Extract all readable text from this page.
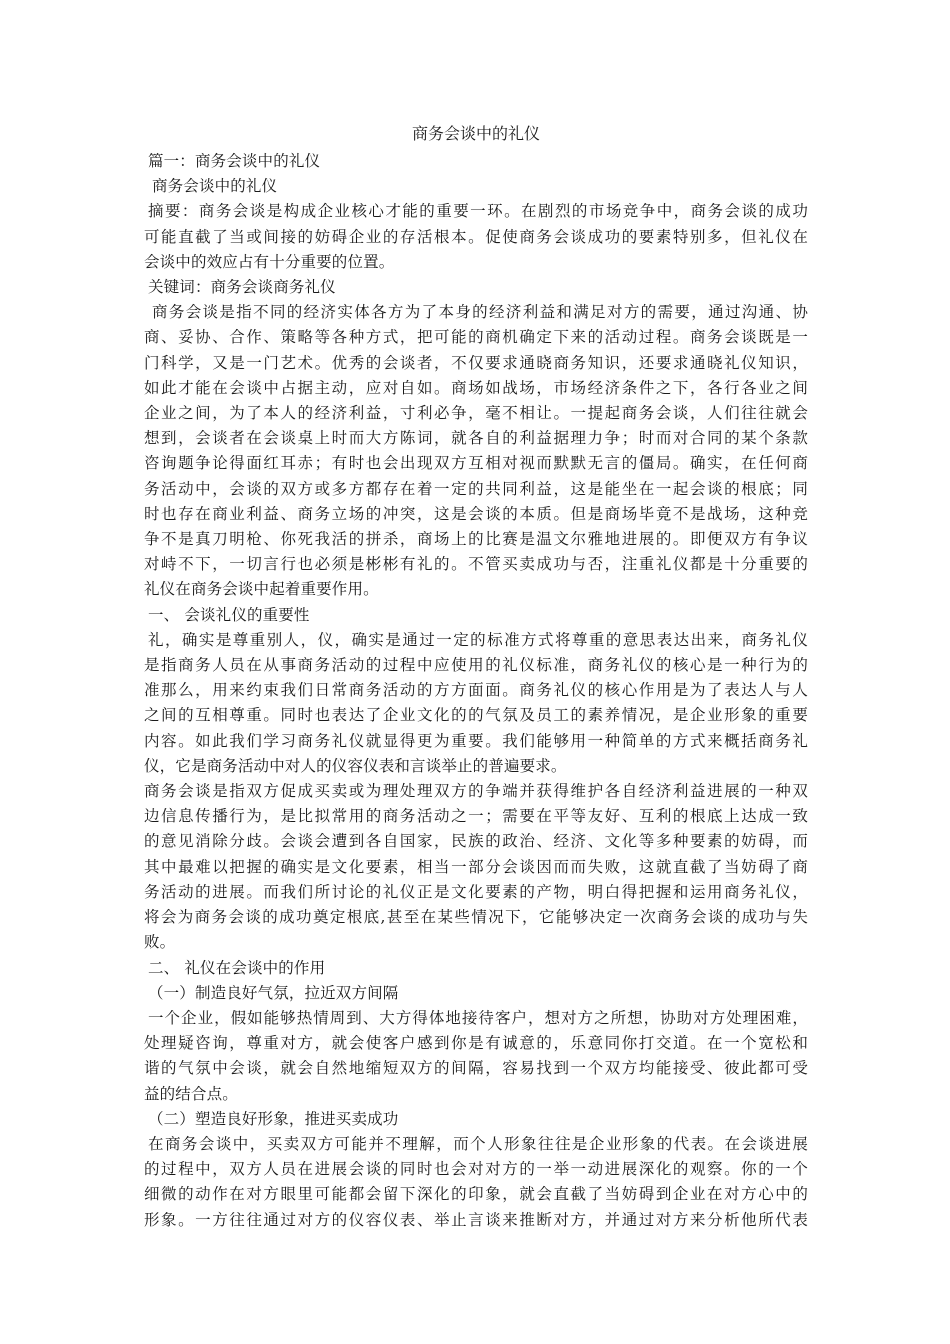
商务会谈中的礼仪
篇一：商务会谈中的礼仪
商务会谈中的礼仪
摘要：商务会谈是构成企业核心才能的重要一环。在剧烈的市场竞争中，商务会谈的成功
可能直截了当或间接的妨碍企业的存活根本。促使商务会谈成功的要素特别多，但礼仪在
会谈中的效应占有十分重要的位置。
关键词：商务会谈商务礼仪
商务会谈是指不同的经济实体各方为了本身的经济利益和满足对方的需要，通过沟通、协
商、妥协、合作、策略等各种方式，把可能的商机确定下来的活动过程。商务会谈既是一
门科学，又是一门艺术。优秀的会谈者，不仅要求通晓商务知识，还要求通晓礼仪知识，
如此才能在会谈中占据主动，应对自如。商场如战场，市场经济条件之下，各行各业之间
企业之间，为了本人的经济利益，寸利必争，毫不相让。一提起商务会谈，人们往往就会
想到，会谈者在会谈桌上时而大方陈词，就各自的利益据理力争；时而对合同的某个条款
咨询题争论得面红耳赤；有时也会出现双方互相对视而默默无言的僵局。确实，在任何商
务活动中，会谈的双方或多方都存在着一定的共同利益，这是能坐在一起会谈的根底；同
时也存在商业利益、商务立场的冲突，这是会谈的本质。但是商场毕竟不是战场，这种竞
争不是真刀明枪、你死我活的拼杀，商场上的比赛是温文尔雅地进展的。即便双方有争议
对峙不下，一切言行也必须是彬彬有礼的。不管买卖成功与否，注重礼仪都是十分重要的
礼仪在商务会谈中起着重要作用。
一、 会谈礼仪的重要性
礼，确实是尊重别人，仪，确实是通过一定的标准方式将尊重的意思表达出来，商务礼仪
是指商务人员在从事商务活动的过程中应使用的礼仪标准，商务礼仪的核心是一种行为的
准那么，用来约束我们日常商务活动的方方面面。商务礼仪的核心作用是为了表达人与人
之间的互相尊重。同时也表达了企业文化的的气氛及员工的素养情况，是企业形象的重要
内容。如此我们学习商务礼仪就显得更为重要。我们能够用一种简单的方式来概括商务礼
仪，它是商务活动中对人的仪容仪表和言谈举止的普遍要求。
商务会谈是指双方促成买卖或为理处理双方的争端并获得维护各自经济利益进展的一种双
边信息传播行为，是比拟常用的商务活动之一；需要在平等友好、互利的根底上达成一致
的意见消除分歧。会谈会遭到各自国家，民族的政治、经济、文化等多种要素的妨碍，而
其中最难以把握的确实是文化要素，相当一部分会谈因而而失败，这就直截了当妨碍了商
务活动的进展。而我们所讨论的礼仪正是文化要素的产物，明白得把握和运用商务礼仪，
将会为商务会谈的成功奠定根底,甚至在某些情况下，它能够决定一次商务会谈的成功与失
败。
二、 礼仪在会谈中的作用
（一）制造良好气氛，拉近双方间隔
一个企业，假如能够热情周到、大方得体地接待客户，想对方之所想，协助对方处理困难，
处理疑咨询，尊重对方，就会使客户感到你是有诚意的，乐意同你打交道。在一个宽松和
谐的气氛中会谈，就会自然地缩短双方的间隔，容易找到一个双方均能接受、彼此都可受
益的结合点。
（二）塑造良好形象，推进买卖成功
在商务会谈中，买卖双方可能并不理解，而个人形象往往是企业形象的代表。在会谈进展
的过程中，双方人员在进展会谈的同时也会对对方的一举一动进展深化的观察。你的一个
细微的动作在对方眼里可能都会留下深化的印象，就会直截了当妨碍到企业在对方心中的
形象。一方往往通过对方的仪容仪表、举止言谈来推断对方，并通过对方来分析他所代表
